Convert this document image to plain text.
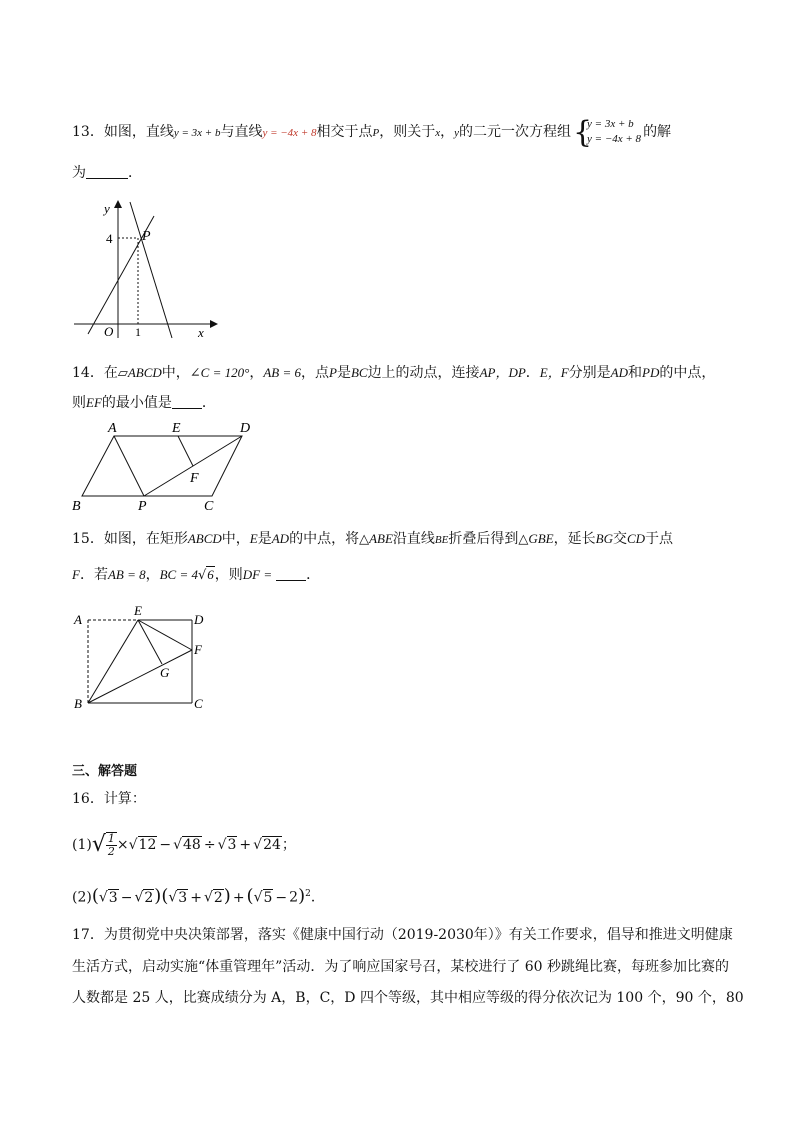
13．如图，直线y = 3x + b与直线y = −4x + 8相交于点P，则关于x，y的二元一次方程组 {
y = 3x + b
y = −4x + 8 的解
为	．
y
x
O
4
1
P
14．在▱ABCD中，∠C = 120°，AB = 6，点P是BC边上的动点，连接AP，DP．E，F分别是AD和PD的中点，
则EF的最小值是 ．
A	E	D
F
B	P	C
15．如图，在矩形ABCD中，E是AD的中点，将△ABE沿直线BE折叠后得到△GBE，延长BG交CD于点
F．若AB = 8，BC = 4√6，则DF = ．
A
E
D
F
G
B	C
三、解答题
16．计算：
$(1)√ \frac{1}{2} \times√12 - √48 \div √3 + √24$；
$(2)(√3 - √2)(√3 + √2) + (√5 - 2)^2$．
17．为贯彻党中央决策部署，落实《健康中国行动（2019-2030年）》有关工作要求，倡导和推进文明健康
生活方式，启动实施“体重管理年”活动．为了响应国家号召，某校进行了 60 秒跳绳比赛，每班参加比赛的
人数都是 25 人，比赛成绩分为 A，B，C，D 四个等级，其中相应等级的得分依次记为 100 个，90 个，80
